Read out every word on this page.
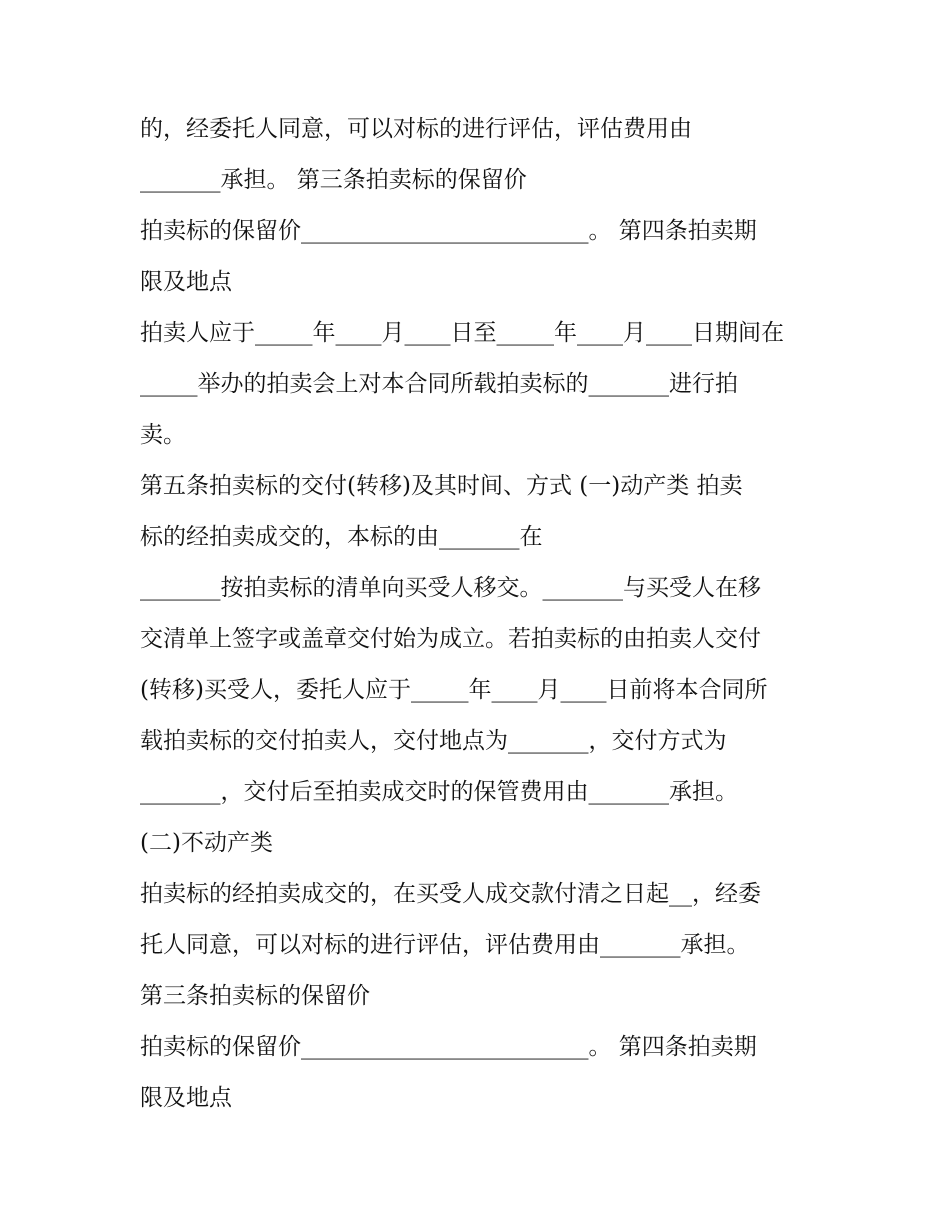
的，经委托人同意，可以对标的进行评估，评估费用由
_______承担。 第三条拍卖标的保留价
拍卖标的保留价_________________________。 第四条拍卖期
限及地点
拍卖人应于_____年____月____日至_____年____月____日期间在
_____举办的拍卖会上对本合同所载拍卖标的_______进行拍
卖。
第五条拍卖标的交付(转移)及其时间、方式 (一)动产类 拍卖
标的经拍卖成交的，本标的由_______在
_______按拍卖标的清单向买受人移交。_______与买受人在移
交清单上签字或盖章交付始为成立。若拍卖标的由拍卖人交付
(转移)买受人，委托人应于_____年____月____日前将本合同所
载拍卖标的交付拍卖人，交付地点为_______，交付方式为
_______，交付后至拍卖成交时的保管费用由_______承担。
(二)不动产类
拍卖标的经拍卖成交的，在买受人成交款付清之日起__，经委
托人同意，可以对标的进行评估，评估费用由_______承担。
第三条拍卖标的保留价
拍卖标的保留价_________________________。 第四条拍卖期
限及地点
